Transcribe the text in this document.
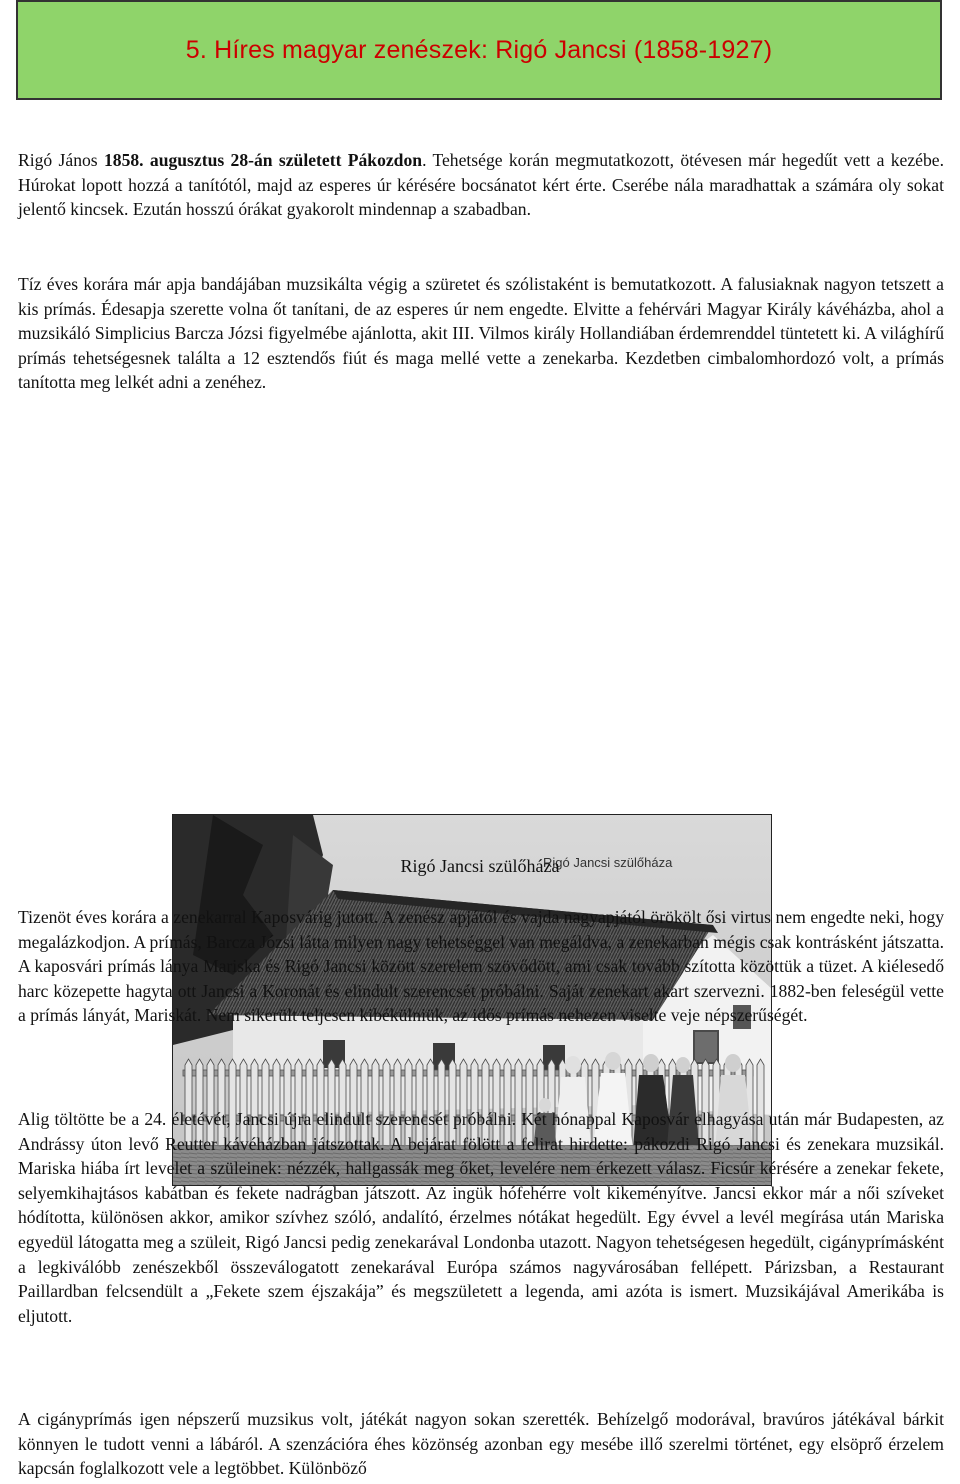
5. Híres magyar zenészek: Rigó Jancsi (1858-1927)

Rigó János 1858. augusztus 28-án született Pákozdon. Tehetsége korán megmutatkozott, ötévesen már hegedűt vett a kezébe. Húrokat lopott hozzá a tanítótól, majd az esperes úr kérésére bocsánatot kért érte. Cserébe nála maradhattak a számára oly sokat jelentő kincsek. Ezután hosszú órákat gyakorolt mindennap a szabadban.

Tíz éves korára már apja bandájában muzsikálta végig a szüretet és szólistaként is bemutatkozott. A falusiaknak nagyon tetszett a kis prímás. Édesapja szerette volna őt tanítani, de az esperes úr nem engedte. Elvitte a fehérvári Magyar Király kávéházba, ahol a muzsikáló Simplicius Barcza Józsi figyelmébe ajánlotta, akit III. Vilmos király Hollandiában érdemrenddel tüntetett ki. A világhírű prímás tehetségesnek találta a 12 esztendős fiút és maga mellé vette a zenekarba. Kezdetben cimbalomhordozó volt, a prímás tanította meg lelkét adni a zenéhez.

Rigó Jancsi szülőháza
Rigó Jancsi szülőháza

Tizenöt éves korára a zenekarral Kaposvárig jutott. A zenész apjától és vajda nagyapjától örökölt ősi virtus nem engedte neki, hogy megalázkodjon. A prímás, Barcza Józsi látta milyen nagy tehetséggel van megáldva, a zenekarban mégis csak kontrásként játszatta. A kaposvári prímás lánya Mariska és Rigó Jancsi között szerelem szövődött, ami csak tovább szította közöttük a tüzet. A kiélesedő harc közepette hagyta ott Jancsi a Koronát és elindult szerencsét próbálni. Saját zenekart akart szervezni. 1882-ben feleségül vette a prímás lányát, Mariskát. Nem sikerült teljesen kibékülniük, az idős prímás nehezen viselte veje népszerűségét.

Alig töltötte be a 24. életévét, Jancsi újra elindult szerencsét próbálni. Két hónappal Kaposvár elhagyása után már Budapesten, az Andrássy úton levő Reutter kávéházban játszottak. A bejárat fölött a felirat hirdette: pákozdi Rigó Jancsi és zenekara muzsikál. Mariska hiába írt levelet a szüleinek: nézzék, hallgassák meg őket, levelére nem érkezett válasz. Ficsúr kérésére a zenekar fekete, selyemkihajtásos kabátban és fekete nadrágban játszott. Az ingük hófehérre volt kikeményítve. Jancsi ekkor már a női szíveket hódította, különösen akkor, amikor szívhez szóló, andalító, érzelmes nótákat hegedült. Egy évvel a levél megírása után Mariska egyedül látogatta meg a szüleit, Rigó Jancsi pedig zenekarával Londonba utazott. Nagyon tehetségesen hegedült, cigányprímásként a legkiválóbb zenészekből összeválogatott zenekarával Európa számos nagyvárosában fellépett. Párizsban, a Restaurant Paillardban felcsendült a „Fekete szem éjszakája” és megszületett a legenda, ami azóta is ismert. Muzsikájával Amerikába is eljutott.

A cigányprímás igen népszerű muzsikus volt, játékát nagyon sokan szerették. Behízelgő modorával, bravúros játékával bárkit könnyen le tudott venni a lábáról. A szenzációra éhes közönség azonban egy mesébe illő szerelmi történet, egy elsöprő érzelem kapcsán foglalkozott vele a legtöbbet. Különböző
